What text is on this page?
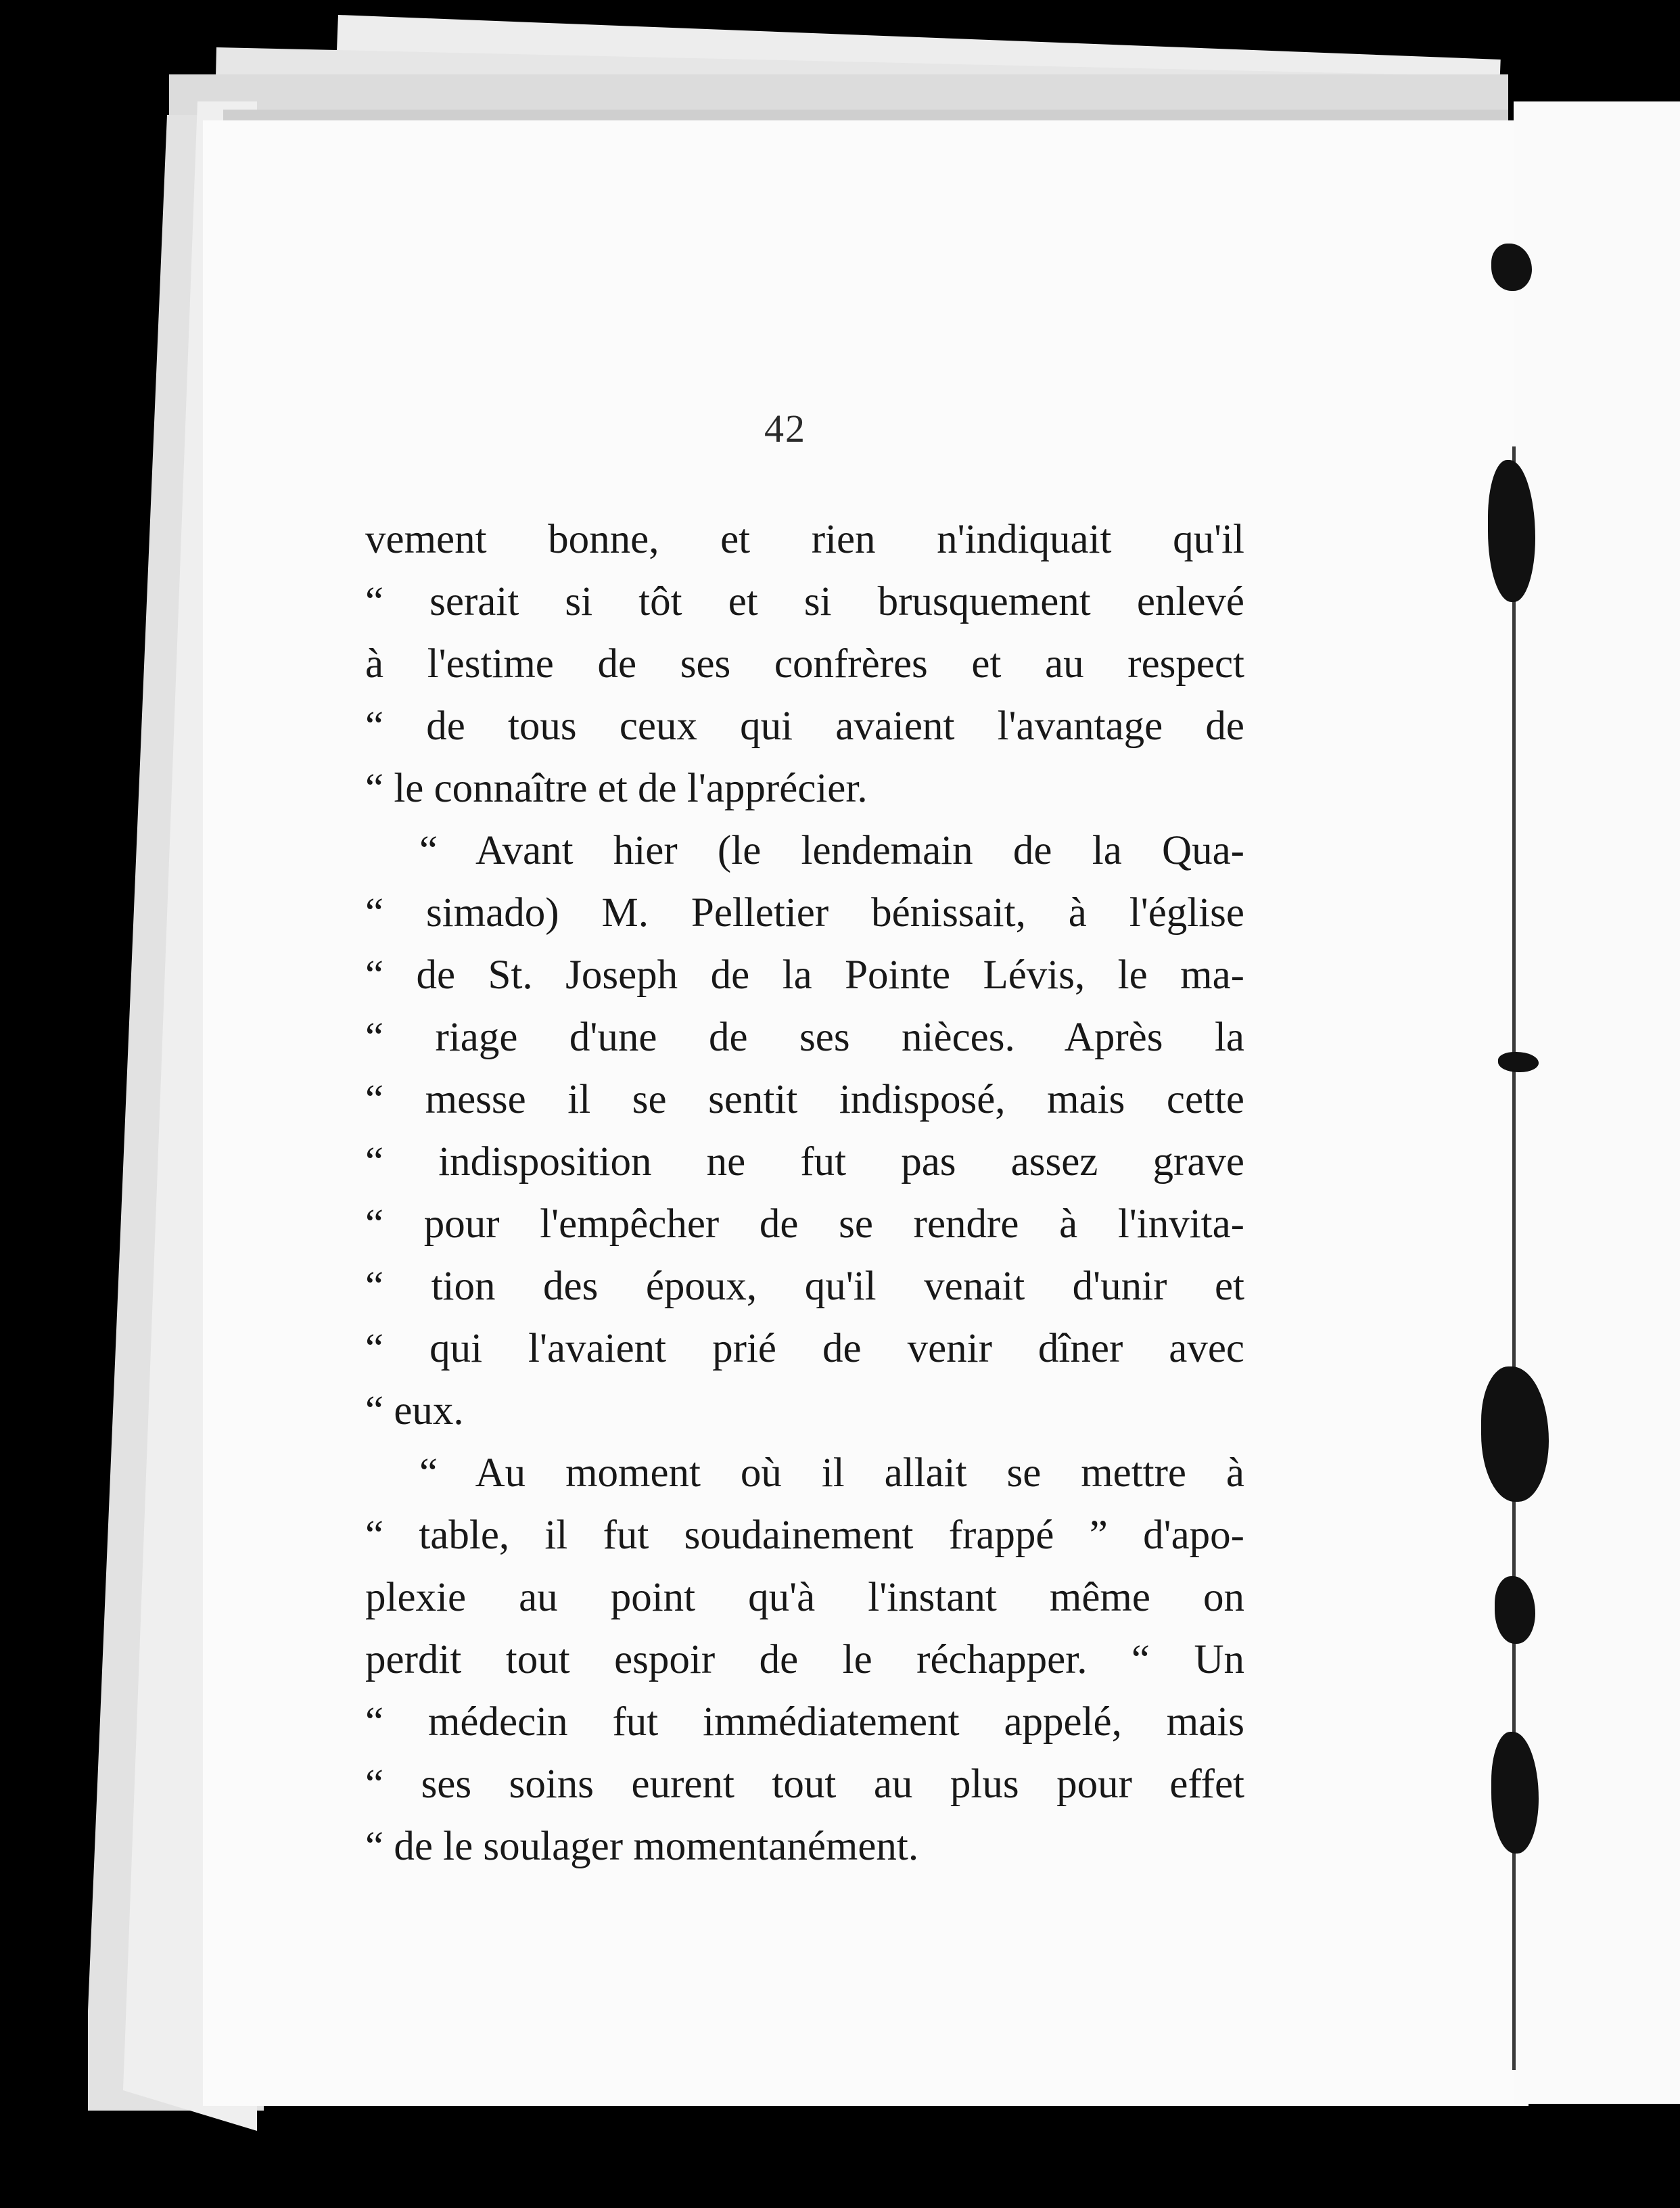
42
vement bonne, et rien n'indiquait qu'il
“ serait si tôt et si brusquement enlevé
à l'estime de ses confrères et au respect
“ de tous ceux qui avaient l'avantage de
“ le connaître et de l'apprécier.
“ Avant hier (le lendemain de la Qua-
“ simado) M. Pelletier bénissait, à l'église
“ de St. Joseph de la Pointe Lévis, le ma-
“ riage d'une de ses nièces. Après la
“ messe il se sentit indisposé, mais cette
“ indisposition ne fut pas assez grave
“ pour l'empêcher de se rendre à l'invita-
“ tion des époux, qu'il venait d'unir et
“ qui l'avaient prié de venir dîner avec
“ eux.
“ Au moment où il allait se mettre à
“ table, il fut soudainement frappé ” d'apo-
plexie au point qu'à l'instant même on
perdit tout espoir de le réchapper. “ Un
“ médecin fut immédiatement appelé, mais
“ ses soins eurent tout au plus pour effet
“ de le soulager momentanément.
